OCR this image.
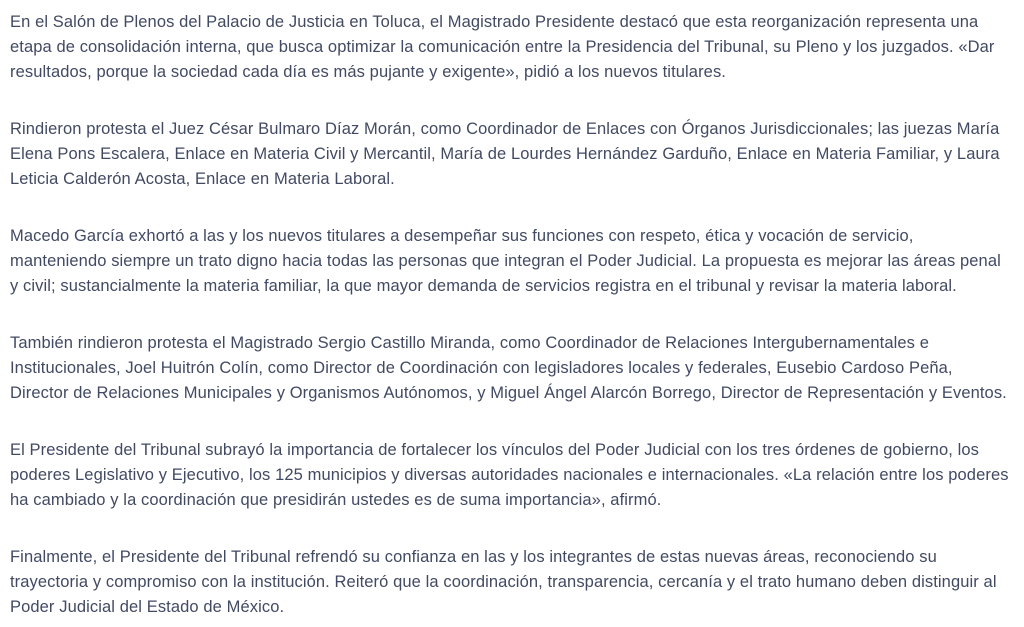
En el Salón de Plenos del Palacio de Justicia en Toluca, el Magistrado Presidente destacó que esta reorganización representa una etapa de consolidación interna, que busca optimizar la comunicación entre la Presidencia del Tribunal, su Pleno y los juzgados. «Dar resultados, porque la sociedad cada día es más pujante y exigente», pidió a los nuevos titulares.

Rindieron protesta el Juez César Bulmaro Díaz Morán, como Coordinador de Enlaces con Órganos Jurisdiccionales; las juezas María Elena Pons Escalera, Enlace en Materia Civil y Mercantil, María de Lourdes Hernández Garduño, Enlace en Materia Familiar, y Laura Leticia Calderón Acosta, Enlace en Materia Laboral.

Macedo García exhortó a las y los nuevos titulares a desempeñar sus funciones con respeto, ética y vocación de servicio, manteniendo siempre un trato digno hacia todas las personas que integran el Poder Judicial. La propuesta es mejorar las áreas penal y civil; sustancialmente la materia familiar, la que mayor demanda de servicios registra en el tribunal y revisar la materia laboral.

También rindieron protesta el Magistrado Sergio Castillo Miranda, como Coordinador de Relaciones Intergubernamentales e Institucionales, Joel Huitrón Colín, como Director de Coordinación con legisladores locales y federales, Eusebio Cardoso Peña, Director de Relaciones Municipales y Organismos Autónomos, y Miguel Ángel Alarcón Borrego, Director de Representación y Eventos.

El Presidente del Tribunal subrayó la importancia de fortalecer los vínculos del Poder Judicial con los tres órdenes de gobierno, los poderes Legislativo y Ejecutivo, los 125 municipios y diversas autoridades nacionales e internacionales. «La relación entre los poderes ha cambiado y la coordinación que presidirán ustedes es de suma importancia», afirmó.

Finalmente, el Presidente del Tribunal refrendó su confianza en las y los integrantes de estas nuevas áreas, reconociendo su trayectoria y compromiso con la institución. Reiteró que la coordinación, transparencia, cercanía y el trato humano deben distinguir al Poder Judicial del Estado de México.
